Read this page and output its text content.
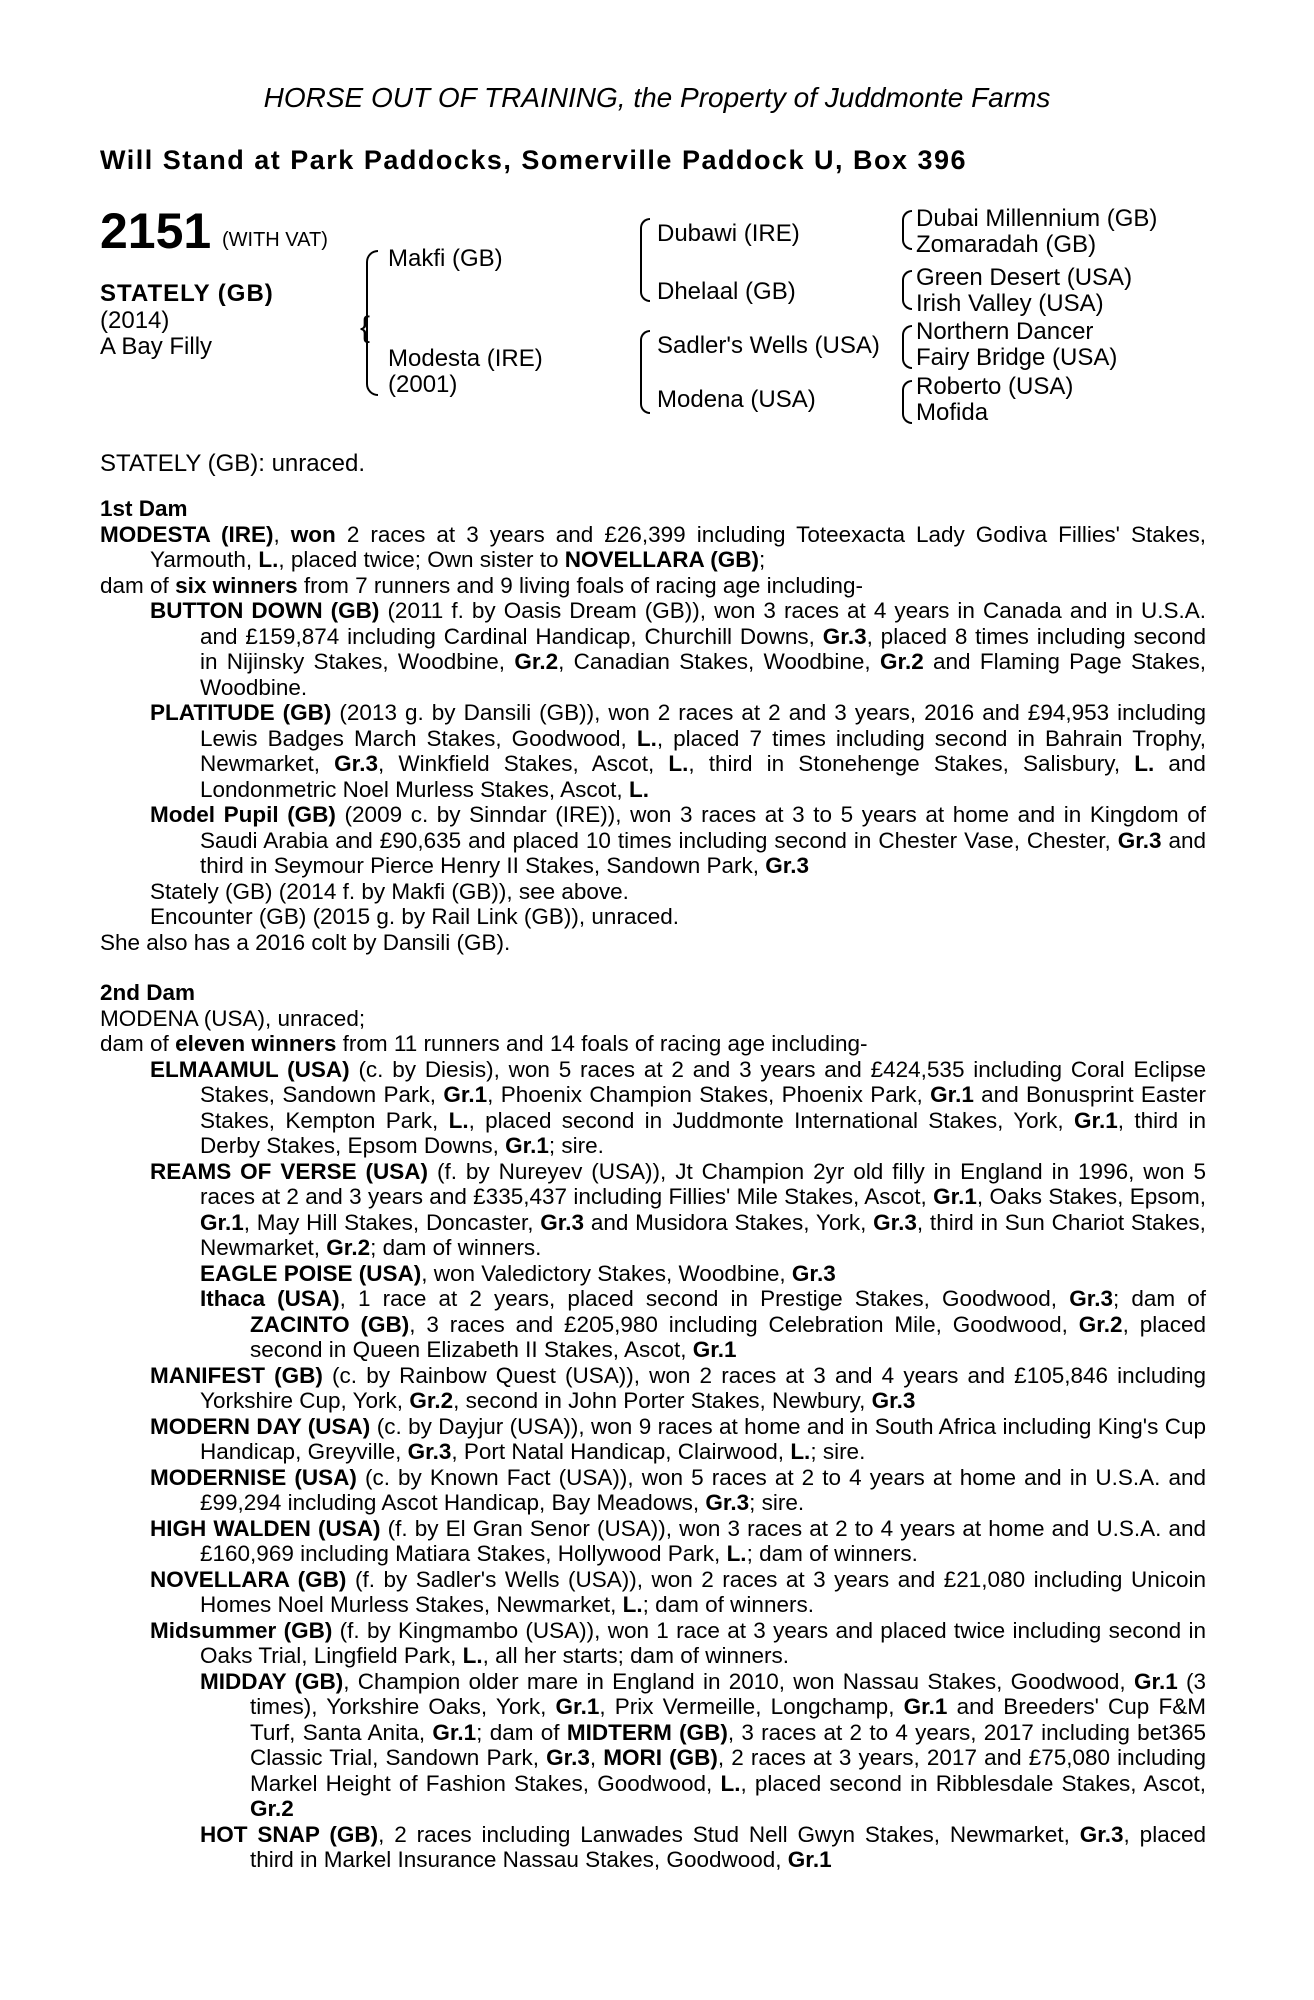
HORSE OUT OF TRAINING, the Property of Juddmonte Farms
Will Stand at Park Paddocks, Somerville Paddock U, Box 396
2151 (WITH VAT)
STATELY (GB)
(2014)
A Bay Filly
{
Makfi (GB)
Modesta (IRE)
(2001)
Dubawi (IRE)
Dhelaal (GB)
Sadler's Wells (USA)
Modena (USA)
Dubai Millennium (GB)
Zomaradah (GB)
Green Desert (USA)
Irish Valley (USA)
Northern Dancer
Fairy Bridge (USA)
Roberto (USA)
Mofida
STATELY (GB): unraced.

1st Dam

MODESTA (IRE), won 2 races at 3 years and £26,399 including Toteexacta Lady Godiva Fillies' Stakes, Yarmouth, L., placed twice; Own sister to NOVELLARA (GB);

dam of six winners from 7 runners and 9 living foals of racing age including-

BUTTON DOWN (GB) (2011 f. by Oasis Dream (GB)), won 3 races at 4 years in Canada and in U.S.A. and £159,874 including Cardinal Handicap, Churchill Downs, Gr.3, placed 8 times including second in Nijinsky Stakes, Woodbine, Gr.2, Canadian Stakes, Woodbine, Gr.2 and Flaming Page Stakes, Woodbine.

PLATITUDE (GB) (2013 g. by Dansili (GB)), won 2 races at 2 and 3 years, 2016 and £94,953 including Lewis Badges March Stakes, Goodwood, L., placed 7 times including second in Bahrain Trophy, Newmarket, Gr.3, Winkfield Stakes, Ascot, L., third in Stonehenge Stakes, Salisbury, L. and Londonmetric Noel Murless Stakes, Ascot, L.

Model Pupil (GB) (2009 c. by Sinndar (IRE)), won 3 races at 3 to 5 years at home and in Kingdom of Saudi Arabia and £90,635 and placed 10 times including second in Chester Vase, Chester, Gr.3 and third in Seymour Pierce Henry II Stakes, Sandown Park, Gr.3

Stately (GB) (2014 f. by Makfi (GB)), see above.

Encounter (GB) (2015 g. by Rail Link (GB)), unraced.

She also has a 2016 colt by Dansili (GB).

2nd Dam

MODENA (USA), unraced;

dam of eleven winners from 11 runners and 14 foals of racing age including-

ELMAAMUL (USA) (c. by Diesis), won 5 races at 2 and 3 years and £424,535 including Coral Eclipse Stakes, Sandown Park, Gr.1, Phoenix Champion Stakes, Phoenix Park, Gr.1 and Bonusprint Easter Stakes, Kempton Park, L., placed second in Juddmonte International Stakes, York, Gr.1, third in Derby Stakes, Epsom Downs, Gr.1; sire.

REAMS OF VERSE (USA) (f. by Nureyev (USA)), Jt Champion 2yr old filly in England in 1996, won 5 races at 2 and 3 years and £335,437 including Fillies' Mile Stakes, Ascot, Gr.1, Oaks Stakes, Epsom, Gr.1, May Hill Stakes, Doncaster, Gr.3 and Musidora Stakes, York, Gr.3, third in Sun Chariot Stakes, Newmarket, Gr.2; dam of winners.

EAGLE POISE (USA), won Valedictory Stakes, Woodbine, Gr.3

Ithaca (USA), 1 race at 2 years, placed second in Prestige Stakes, Goodwood, Gr.3; dam of ZACINTO (GB), 3 races and £205,980 including Celebration Mile, Goodwood, Gr.2, placed second in Queen Elizabeth II Stakes, Ascot, Gr.1

MANIFEST (GB) (c. by Rainbow Quest (USA)), won 2 races at 3 and 4 years and £105,846 including Yorkshire Cup, York, Gr.2, second in John Porter Stakes, Newbury, Gr.3

MODERN DAY (USA) (c. by Dayjur (USA)), won 9 races at home and in South Africa including King's Cup Handicap, Greyville, Gr.3, Port Natal Handicap, Clairwood, L.; sire.

MODERNISE (USA) (c. by Known Fact (USA)), won 5 races at 2 to 4 years at home and in U.S.A. and £99,294 including Ascot Handicap, Bay Meadows, Gr.3; sire.

HIGH WALDEN (USA) (f. by El Gran Senor (USA)), won 3 races at 2 to 4 years at home and U.S.A. and £160,969 including Matiara Stakes, Hollywood Park, L.; dam of winners.

NOVELLARA (GB) (f. by Sadler's Wells (USA)), won 2 races at 3 years and £21,080 including Unicoin Homes Noel Murless Stakes, Newmarket, L.; dam of winners.

Midsummer (GB) (f. by Kingmambo (USA)), won 1 race at 3 years and placed twice including second in Oaks Trial, Lingfield Park, L., all her starts; dam of winners.

MIDDAY (GB), Champion older mare in England in 2010, won Nassau Stakes, Goodwood, Gr.1 (3 times), Yorkshire Oaks, York, Gr.1, Prix Vermeille, Longchamp, Gr.1 and Breeders' Cup F&M Turf, Santa Anita, Gr.1; dam of MIDTERM (GB), 3 races at 2 to 4 years, 2017 including bet365 Classic Trial, Sandown Park, Gr.3, MORI (GB), 2 races at 3 years, 2017 and £75,080 including Markel Height of Fashion Stakes, Goodwood, L., placed second in Ribblesdale Stakes, Ascot, Gr.2

HOT SNAP (GB), 2 races including Lanwades Stud Nell Gwyn Stakes, Newmarket, Gr.3, placed third in Markel Insurance Nassau Stakes, Goodwood, Gr.1
